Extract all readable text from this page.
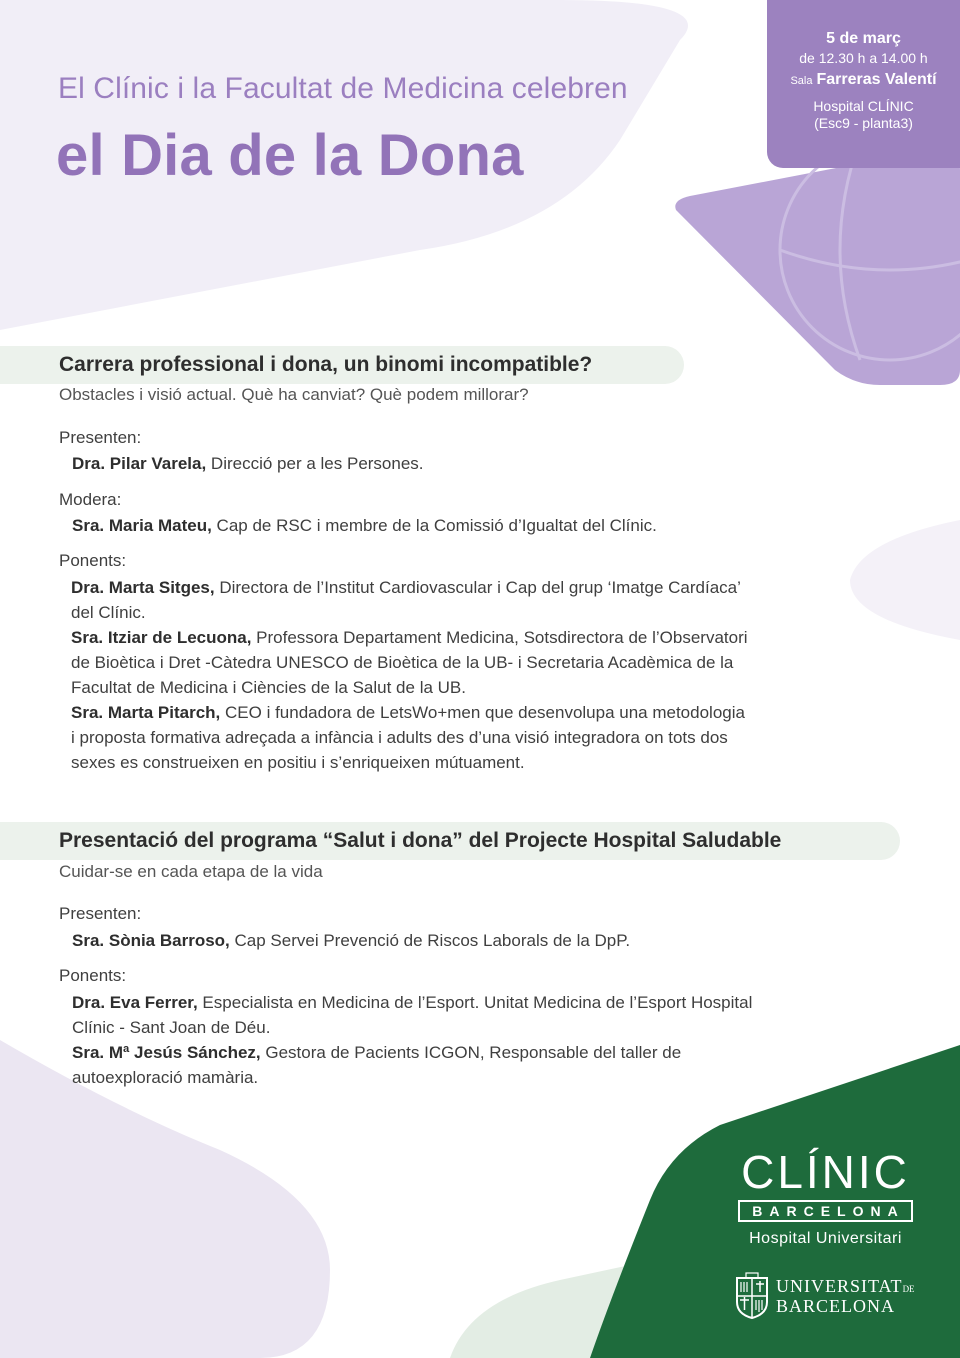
El Clínic i la Facultat de Medicina celebren
el Dia de la Dona
5 de març
de 12.30 h a 14.00 h
Sala Farreras Valentí
Hospital CLÍNIC
(Esc9 - planta3)
Carrera professional i dona, un binomi incompatible?
Obstacles i visió actual. Què ha canviat? Què podem millorar?
Presenten:
Dra. Pilar Varela, Direcció per a les Persones.
Modera:
Sra. Maria Mateu, Cap de RSC i membre de la Comissió d’Igualtat del Clínic.
Ponents:
Dra. Marta Sitges, Directora de l’Institut Cardiovascular i Cap del grup ‘Imatge Cardíaca’
del Clínic.
Sra. Itziar de Lecuona, Professora Departament Medicina, Sotsdirectora de l’Observatori
de Bioètica i Dret -Càtedra UNESCO de Bioètica de la UB- i Secretaria Acadèmica de la
Facultat de Medicina i Ciències de la Salut de la UB.
Sra. Marta Pitarch, CEO i fundadora de LetsWo+men que desenvolupa una metodologia
i proposta formativa adreçada a infància i adults des d’una visió integradora on tots dos
sexes es construeixen en positiu i s’enriqueixen mútuament.
Presentació del programa “Salut i dona” del Projecte Hospital Saludable
Cuidar-se en cada etapa de la vida
Presenten:
Sra. Sònia Barroso, Cap Servei Prevenció de Riscos Laborals de la DpP.
Ponents:
Dra. Eva Ferrer, Especialista en Medicina de l’Esport. Unitat Medicina de l’Esport Hospital
Clínic - Sant Joan de Déu.
Sra. Mª Jesús Sánchez, Gestora de Pacients ICGON, Responsable del taller de
autoexploració mamària.
CLÍNIC
BARCELONA
Hospital Universitari
UNIVERSITATDE
BARCELONA
